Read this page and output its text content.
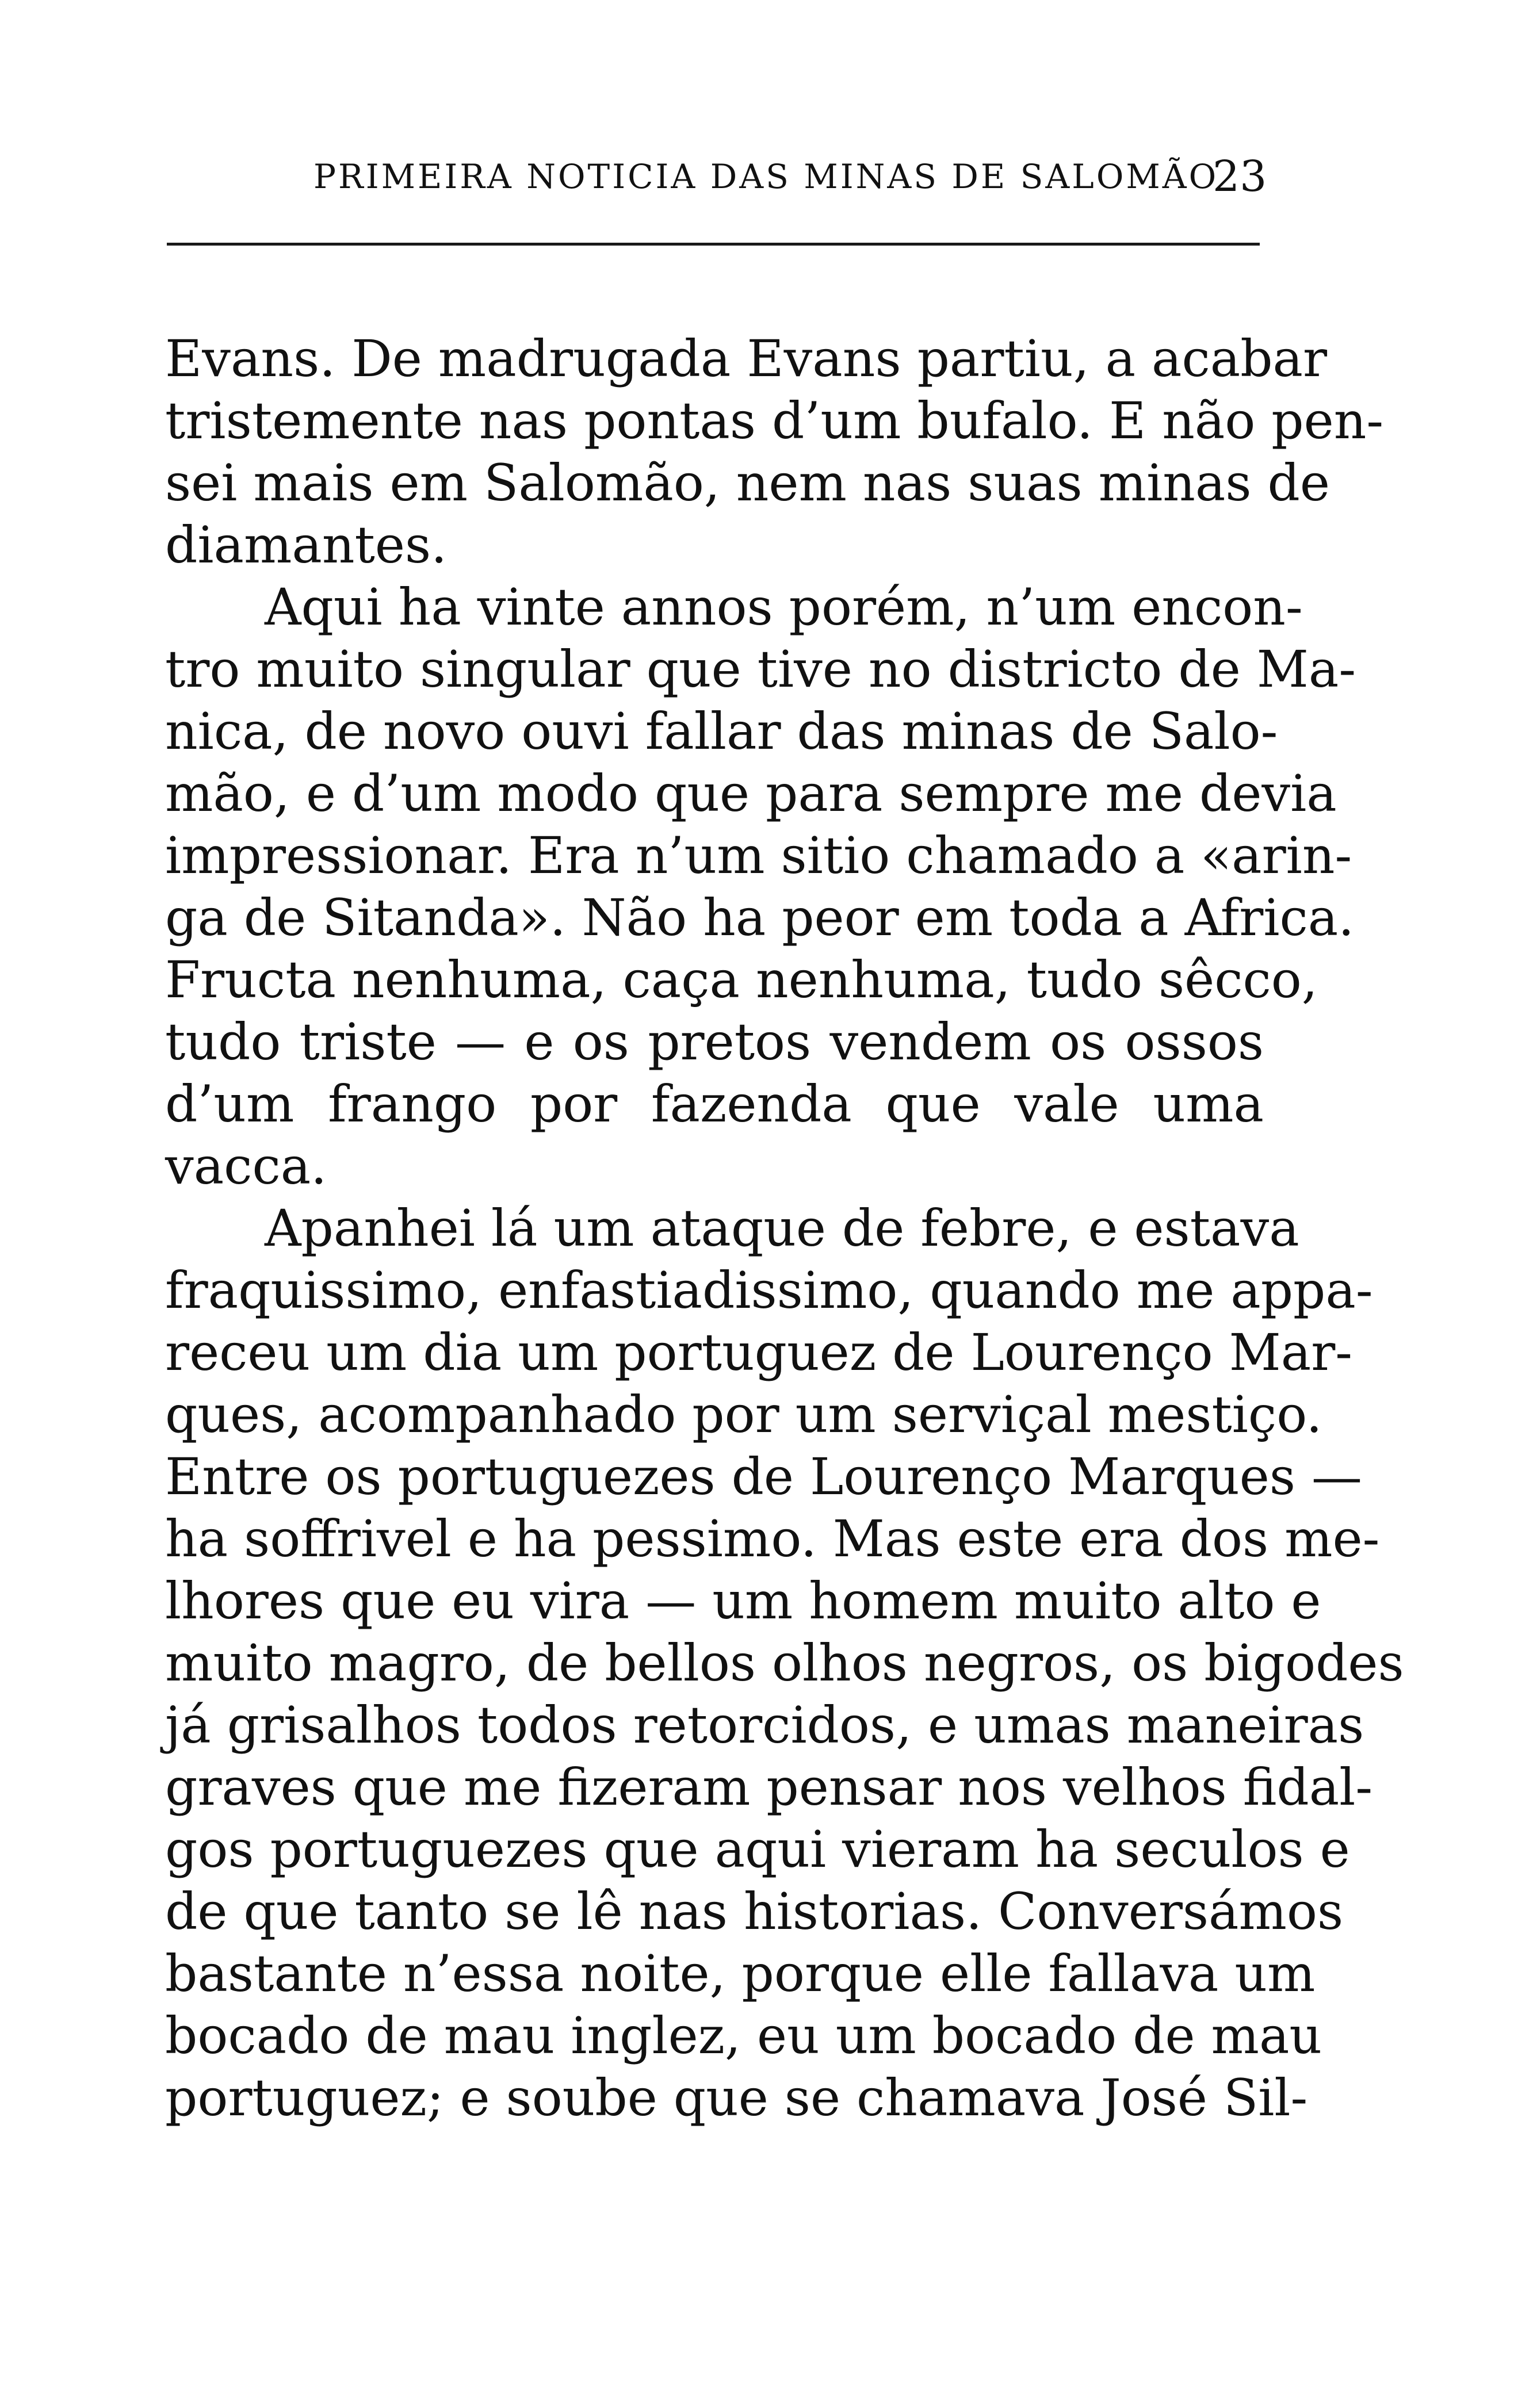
PRIMEIRA NOTICIA DAS MINAS DE SALOMÃO
23
Evans. De madrugada Evans partiu, a acabar
tristemente nas pontas d’um bufalo. E não pen-
sei mais em Salomão, nem nas suas minas de
diamantes.
Aqui ha vinte annos porém, n’um encon-
tro muito singular que tive no districto de Ma-
nica, de novo ouvi fallar das minas de Salo-
mão, e d’um modo que para sempre me devia
impressionar. Era n’um sitio chamado a «arin-
ga de Sitanda». Não ha peor em toda a Africa.
Fructa nenhuma, caça nenhuma, tudo sêcco,
tudo triste — e os pretos vendem os ossos
d’um frango por fazenda que vale uma
vacca.
Apanhei lá um ataque de febre, e estava
fraquissimo, enfastiadissimo, quando me appa-
receu um dia um portuguez de Lourenço Mar-
ques, acompanhado por um serviçal mestiço.
Entre os portuguezes de Lourenço Marques —
ha soffrivel e ha pessimo. Mas este era dos me-
lhores que eu vira — um homem muito alto e
muito magro, de bellos olhos negros, os bigodes
já grisalhos todos retorcidos, e umas maneiras
graves que me fizeram pensar nos velhos fidal-
gos portuguezes que aqui vieram ha seculos e
de que tanto se lê nas historias. Conversámos
bastante n’essa noite, porque elle fallava um
bocado de mau inglez, eu um bocado de mau
portuguez; e soube que se chamava José Sil-
